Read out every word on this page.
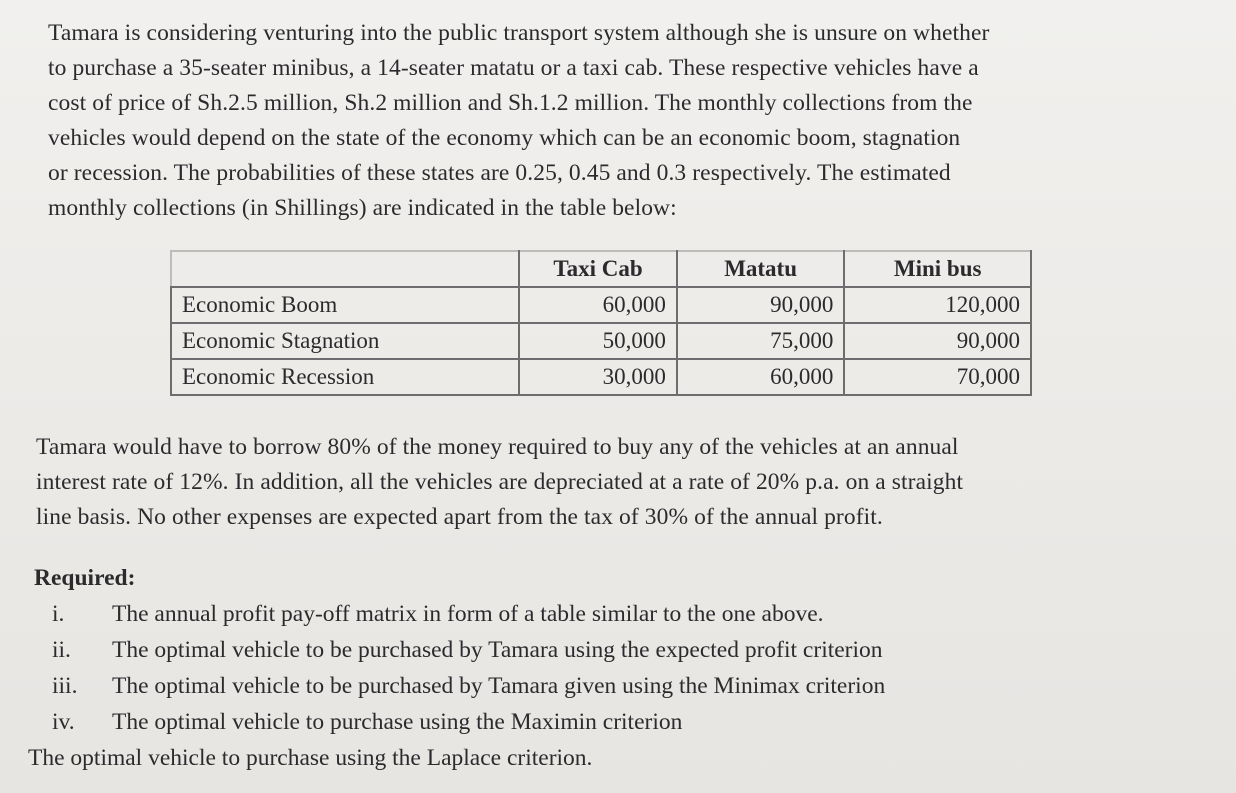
Tamara is considering venturing into the public transport system although she is unsure on whether
to purchase a 35-seater minibus, a 14-seater matatu or a taxi cab. These respective vehicles have a
cost of price of Sh.2.5 million, Sh.2 million and Sh.1.2 million. The monthly collections from the
vehicles would depend on the state of the economy which can be an economic boom, stagnation
or recession. The probabilities of these states are 0.25, 0.45 and 0.3 respectively. The estimated
monthly collections (in Shillings) are indicated in the table below:

	Taxi Cab	Matatu	Mini bus
Economic Boom	60,000	90,000	120,000
Economic Stagnation	50,000	75,000	90,000
Economic Recession	30,000	60,000	70,000

Tamara would have to borrow 80% of the money required to buy any of the vehicles at an annual
interest rate of 12%. In addition, all the vehicles are depreciated at a rate of 20% p.a. on a straight
line basis. No other expenses are expected apart from the tax of 30% of the annual profit.

Required:
i.	The annual profit pay-off matrix in form of a table similar to the one above.
ii.	The optimal vehicle to be purchased by Tamara using the expected profit criterion
iii.	The optimal vehicle to be purchased by Tamara given using the Minimax criterion
iv.	The optimal vehicle to purchase using the Maximin criterion
The optimal vehicle to purchase using the Laplace criterion.
